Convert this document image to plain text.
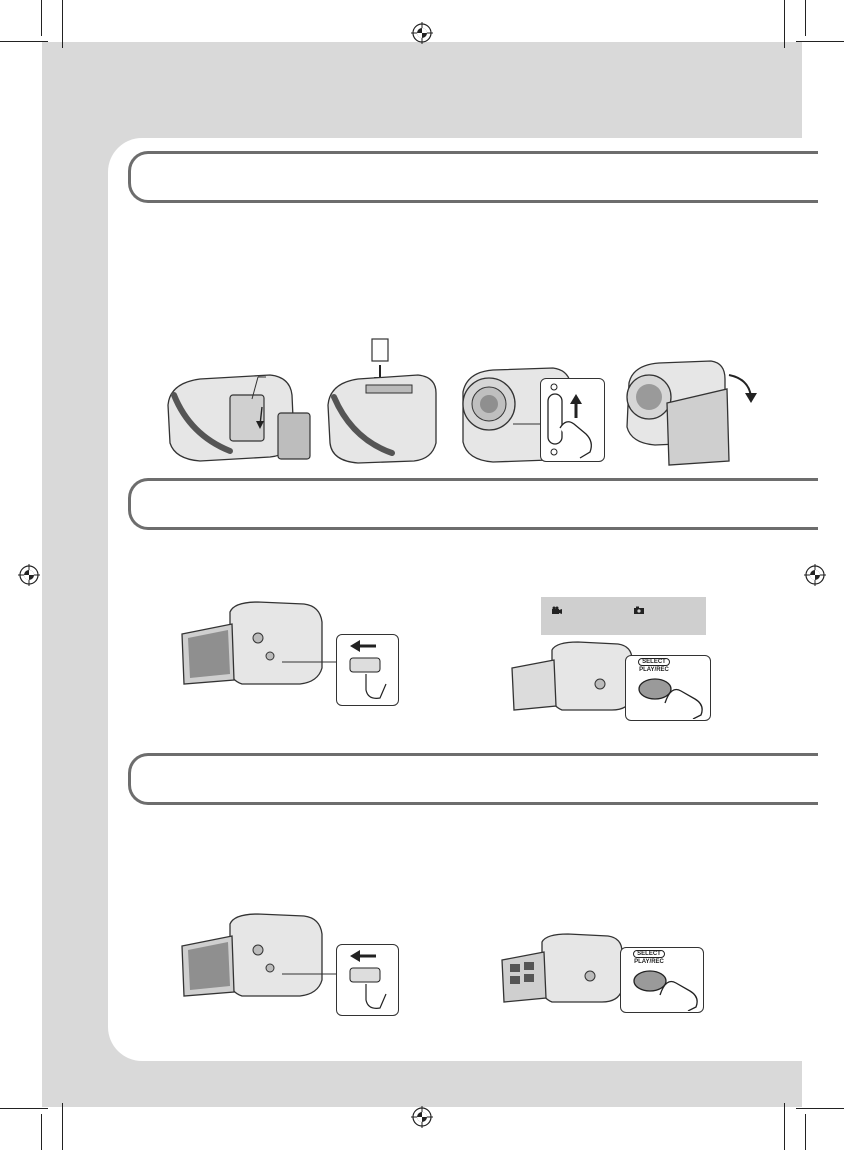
SELECT
PLAY/REC
SELECT
PLAY/REC
